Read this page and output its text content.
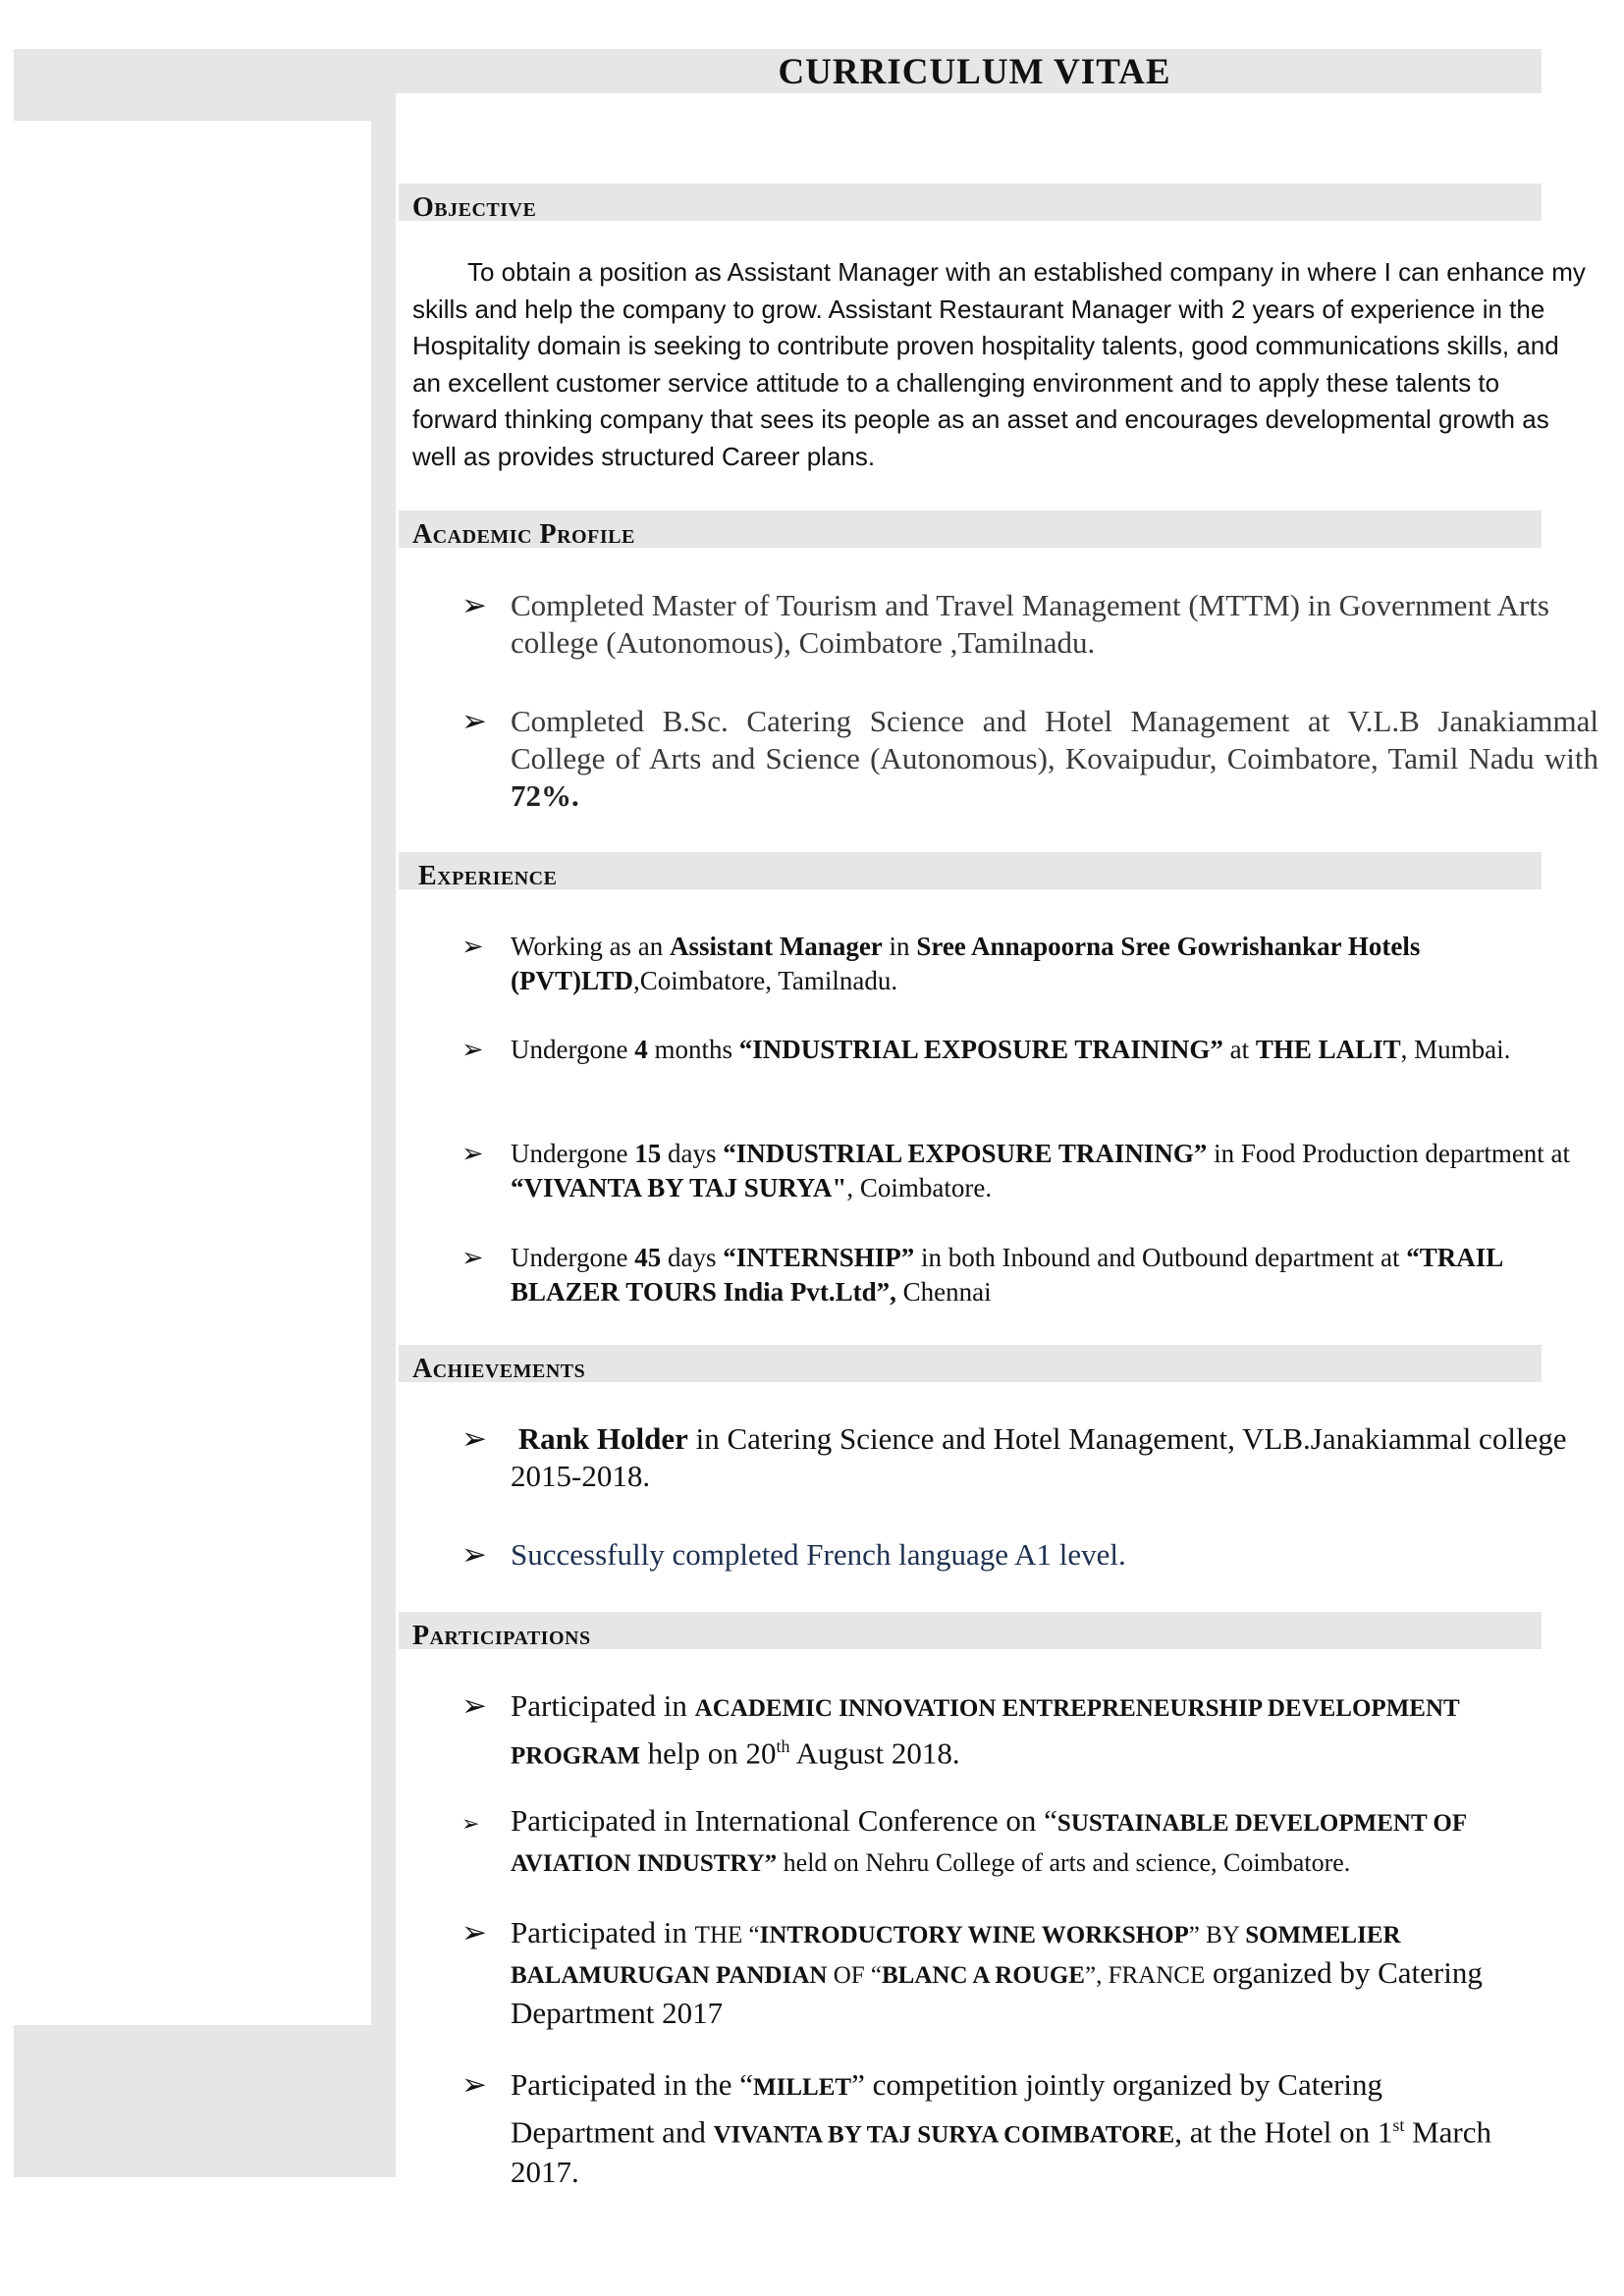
CURRICULUM VITAE
Objective

To obtain a position as Assistant Manager with an established company in where I can enhance my skills and help the company to grow. Assistant Restaurant Manager with 2 years of experience in the Hospitality domain is seeking to contribute proven hospitality talents, good communications skills, and an excellent customer service attitude to a challenging environment and to apply these talents to forward thinking company that sees its people as an asset and encourages developmental growth as well as provides structured Career plans.

Academic Profile
➢ Completed Master of Tourism and Travel Management (MTTM) in Government Arts college (Autonomous), Coimbatore ,Tamilnadu.
➢ Completed B.Sc. Catering Science and Hotel Management at V.L.B Janakiammal College of Arts and Science (Autonomous), Kovaipudur, Coimbatore, Tamil Nadu with 72%.
Experience
➢	Working as an Assistant Manager in Sree Annapoorna Sree Gowrishankar Hotels (PVT)LTD,Coimbatore, Tamilnadu.
➢	Undergone 4 months “INDUSTRIAL EXPOSURE TRAINING” at THE LALIT, Mumbai.
➢	Undergone 15 days “INDUSTRIAL EXPOSURE TRAINING” in Food Production department at “VIVANTA BY TAJ SURYA", Coimbatore.
➢	Undergone 45 days “INTERNSHIP” in both Inbound and Outbound department at “TRAIL BLAZER TOURS India Pvt.Ltd”, Chennai
Achievements
➢ Rank Holder in Catering Science and Hotel Management, VLB.Janakiammal college 2015-2018.
➢ Successfully completed French language A1 level.
Participations
➢ Participated in ACADEMIC INNOVATION ENTREPRENEURSHIP DEVELOPMENT PROGRAM help on 20th August 2018.
➢	Participated in International Conference on “SUSTAINABLE DEVELOPMENT OF AVIATION INDUSTRY” held on Nehru College of arts and science, Coimbatore.
➢ Participated in THE “INTRODUCTORY WINE WORKSHOP” BY SOMMELIER BALAMURUGAN PANDIAN OF “BLANC A ROUGE”, FRANCE organized by Catering Department 2017
➢ Participated in the “MILLET” competition jointly organized by Catering Department and VIVANTA BY TAJ SURYA COIMBATORE, at the Hotel on 1st March 2017.
